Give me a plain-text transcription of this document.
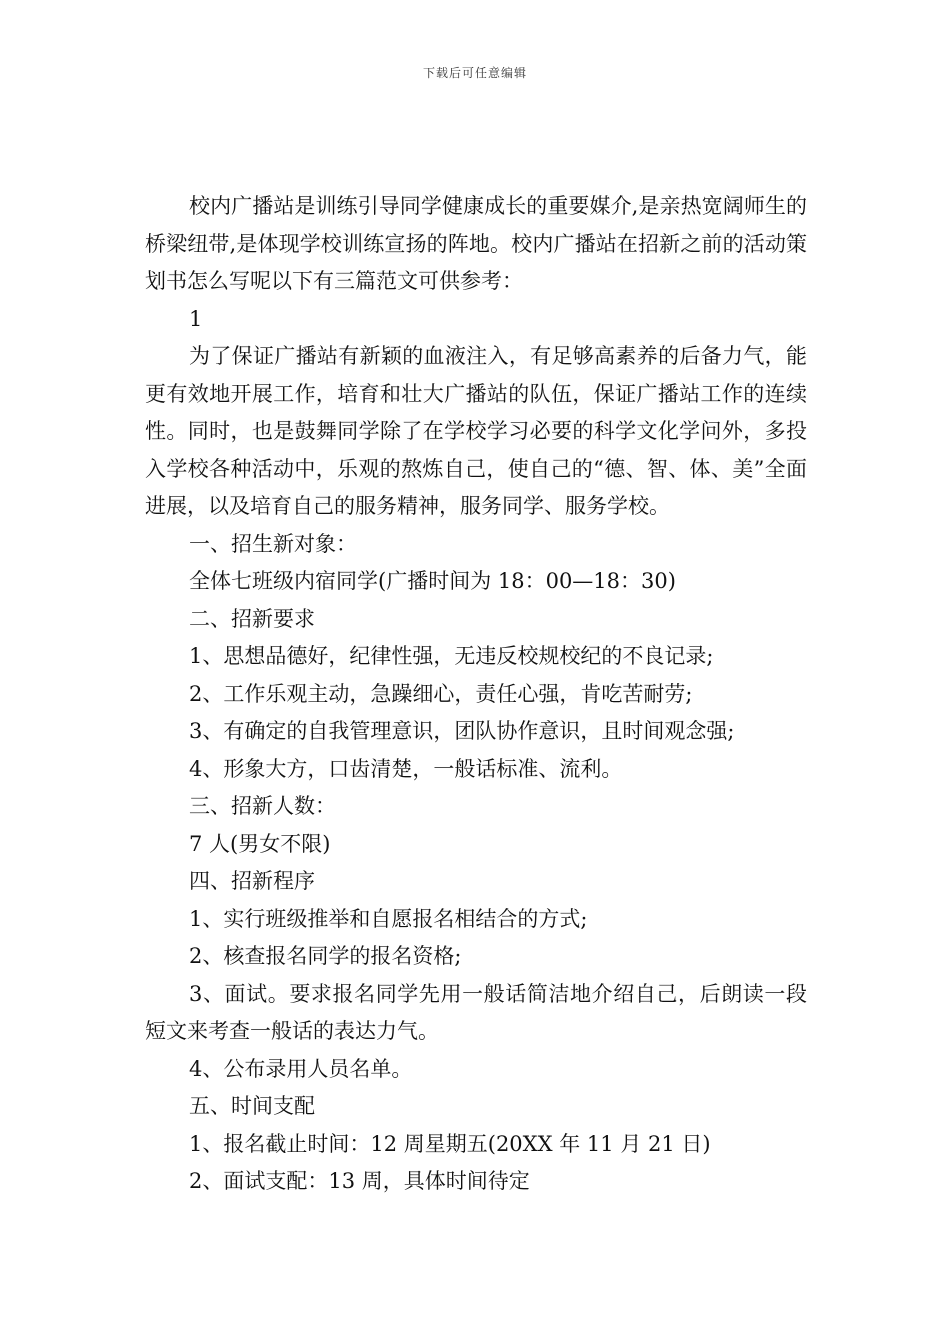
下载后可任意编辑

校内广播站是训练引导同学健康成长的重要媒介,是亲热宽阔师生的桥梁纽带,是体现学校训练宣扬的阵地。校内广播站在招新之前的活动策划书怎么写呢以下有三篇范文可供参考：

1

为了保证广播站有新颖的血液注入，有足够高素养的后备力气，能更有效地开展工作，培育和壮大广播站的队伍，保证广播站工作的连续性。同时，也是鼓舞同学除了在学校学习必要的科学文化学问外，多投入学校各种活动中，乐观的熬炼自己，使自己的“德、智、体、美”全面进展，以及培育自己的服务精神，服务同学、服务学校。

一、招生新对象：

全体七班级内宿同学(广播时间为 18：00—18：30)

二、招新要求

1、思想品德好，纪律性强，无违反校规校纪的不良记录;

2、工作乐观主动，急躁细心，责任心强，肯吃苦耐劳;

3、有确定的自我管理意识，团队协作意识，且时间观念强;

4、形象大方，口齿清楚，一般话标准、流利。

三、招新人数：

7 人(男女不限)

四、招新程序

1、实行班级推举和自愿报名相结合的方式;

2、核查报名同学的报名资格;

3、面试。要求报名同学先用一般话简洁地介绍自己，后朗读一段短文来考查一般话的表达力气。

4、公布录用人员名单。

五、时间支配

1、报名截止时间：12 周星期五(20XX 年 11 月 21 日)

2、面试支配：13 周，具体时间待定
